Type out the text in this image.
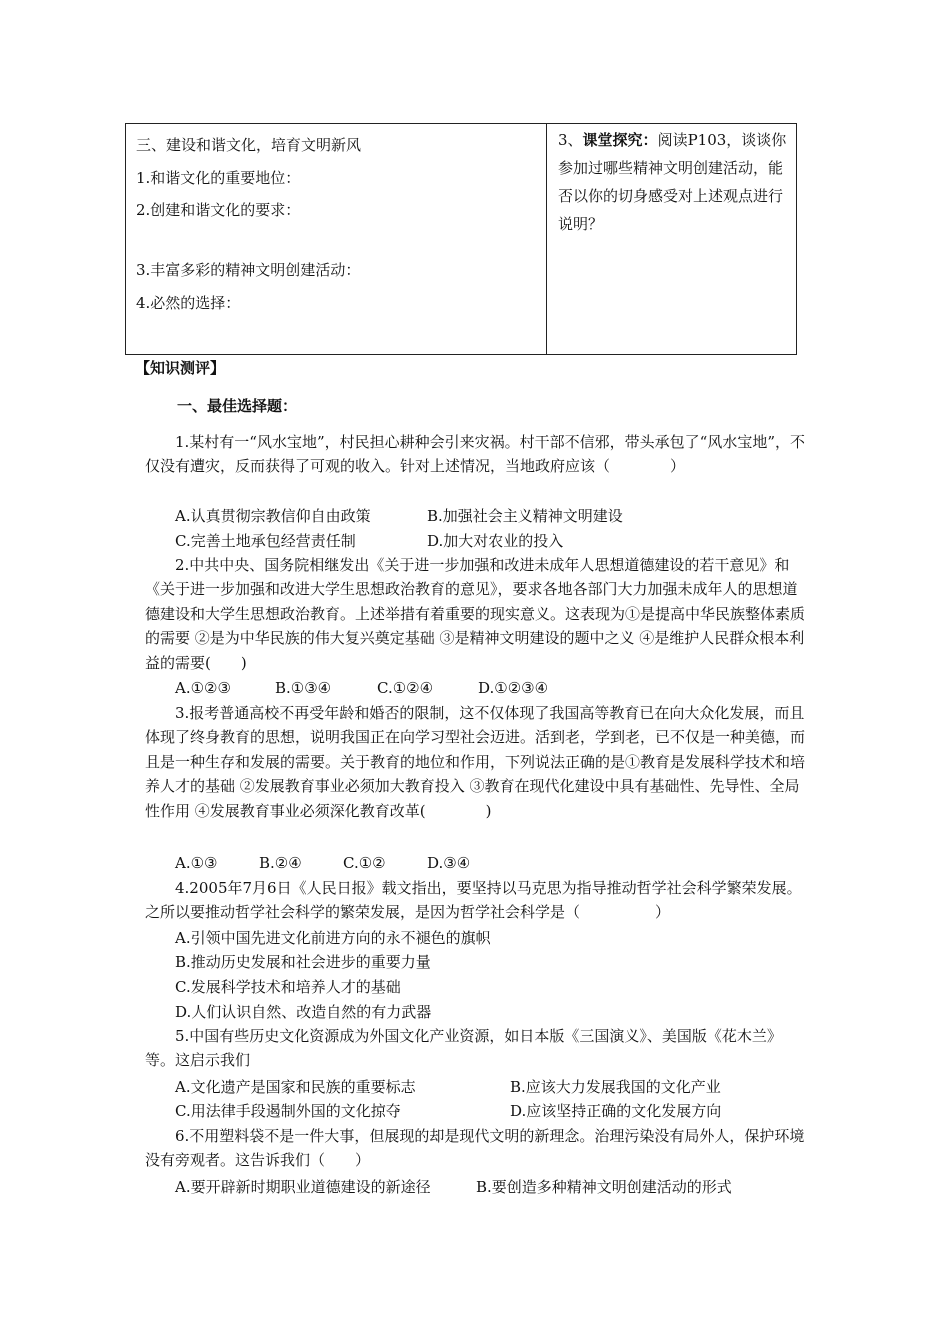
三、建设和谐文化，培育文明新风
1.和谐文化的重要地位：
2.创建和谐文化的要求：
3.丰富多彩的精神文明创建活动：
4.必然的选择：
3、课堂探究：阅读P103，谈谈你参加过哪些精神文明创建活动，能否以你的切身感受对上述观点进行说明？
【知识测评】
一、最佳选择题：
1.某村有一“风水宝地”，村民担心耕种会引来灾祸。村干部不信邪，带头承包了“风水宝地”，不仅没有遭灾，反而获得了可观的收入。针对上述情况，当地政府应该（　　　　）
A.认真贯彻宗教信仰自由政策	B.加强社会主义精神文明建设
C.完善土地承包经营责任制	D.加大对农业的投入
2.中共中央、国务院相继发出《关于进一步加强和改进未成年人思想道德建设的若干意见》和《关于进一步加强和改进大学生思想政治教育的意见》，要求各地各部门大力加强未成年人的思想道德建设和大学生思想政治教育。上述举措有着重要的现实意义。这表现为①是提高中华民族整体素质的需要 ②是为中华民族的伟大复兴奠定基础 ③是精神文明建设的题中之义 ④是维护人民群众根本利益的需要(　　)
A.①②③	B.①③④	C.①②④	D.①②③④
3.报考普通高校不再受年龄和婚否的限制，这不仅体现了我国高等教育已在向大众化发展，而且体现了终身教育的思想，说明我国正在向学习型社会迈进。活到老，学到老，已不仅是一种美德，而且是一种生存和发展的需要。关于教育的地位和作用，下列说法正确的是①教育是发展科学技术和培养人才的基础 ②发展教育事业必须加大教育投入 ③教育在现代化建设中具有基础性、先导性、全局性作用 ④发展教育事业必须深化教育改革(　　　　)
A.①③	B.②④	C.①②	D.③④
4.2005年7月6日《人民日报》载文指出，要坚持以马克思为指导推动哲学社会科学繁荣发展。之所以要推动哲学社会科学的繁荣发展，是因为哲学社会科学是（　　　　　）
A.引领中国先进文化前进方向的永不褪色的旗帜
B.推动历史发展和社会进步的重要力量
C.发展科学技术和培养人才的基础
D.人们认识自然、改造自然的有力武器
5.中国有些历史文化资源成为外国文化产业资源，如日本版《三国演义》、美国版《花木兰》等。这启示我们
A.文化遗产是国家和民族的重要标志	B.应该大力发展我国的文化产业
C.用法律手段遏制外国的文化掠夺	D.应该坚持正确的文化发展方向
6.不用塑料袋不是一件大事，但展现的却是现代文明的新理念。治理污染没有局外人，保护环境没有旁观者。这告诉我们（　　）
A.要开辟新时期职业道德建设的新途径	B.要创造多种精神文明创建活动的形式
